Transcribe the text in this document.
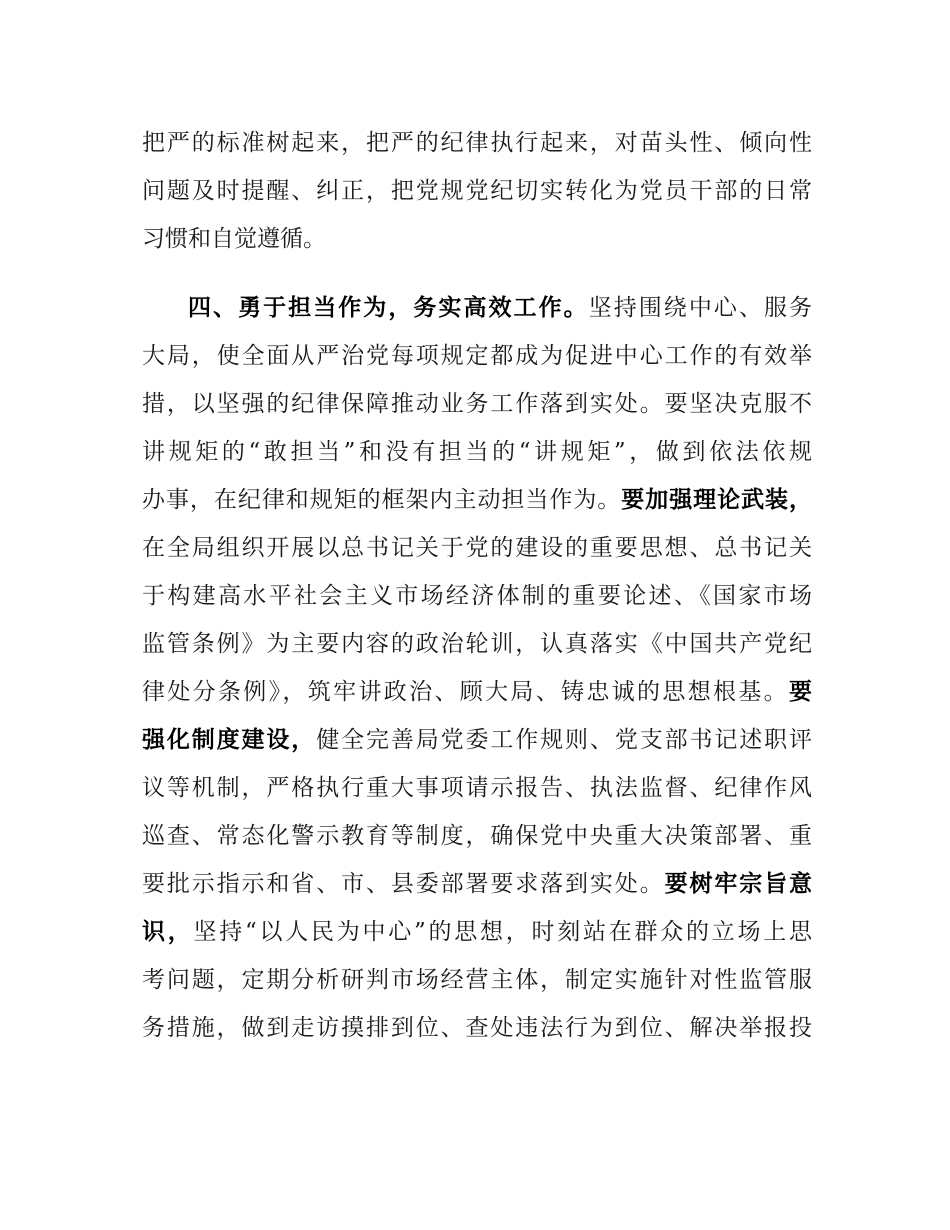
把严的标准树起来，把严的纪律执行起来，对苗头性、倾向性
问题及时提醒、纠正，把党规党纪切实转化为党员干部的日常
习惯和自觉遵循。
四、勇于担当作为，务实高效工作。坚持围绕中心、服务
大局，使全面从严治党每项规定都成为促进中心工作的有效举
措，以坚强的纪律保障推动业务工作落到实处。要坚决克服不
讲规矩的“敢担当”和没有担当的“讲规矩”，做到依法依规
办事，在纪律和规矩的框架内主动担当作为。要加强理论武装，
在全局组织开展以总书记关于党的建设的重要思想、总书记关
于构建高水平社会主义市场经济体制的重要论述、《国家市场
监管条例》为主要内容的政治轮训，认真落实《中国共产党纪
律处分条例》，筑牢讲政治、顾大局、铸忠诚的思想根基。要
强化制度建设，健全完善局党委工作规则、党支部书记述职评
议等机制，严格执行重大事项请示报告、执法监督、纪律作风
巡查、常态化警示教育等制度，确保党中央重大决策部署、重
要批示指示和省、市、县委部署要求落到实处。要树牢宗旨意
识，坚持“以人民为中心”的思想，时刻站在群众的立场上思
考问题，定期分析研判市场经营主体，制定实施针对性监管服
务措施，做到走访摸排到位、查处违法行为到位、解决举报投
